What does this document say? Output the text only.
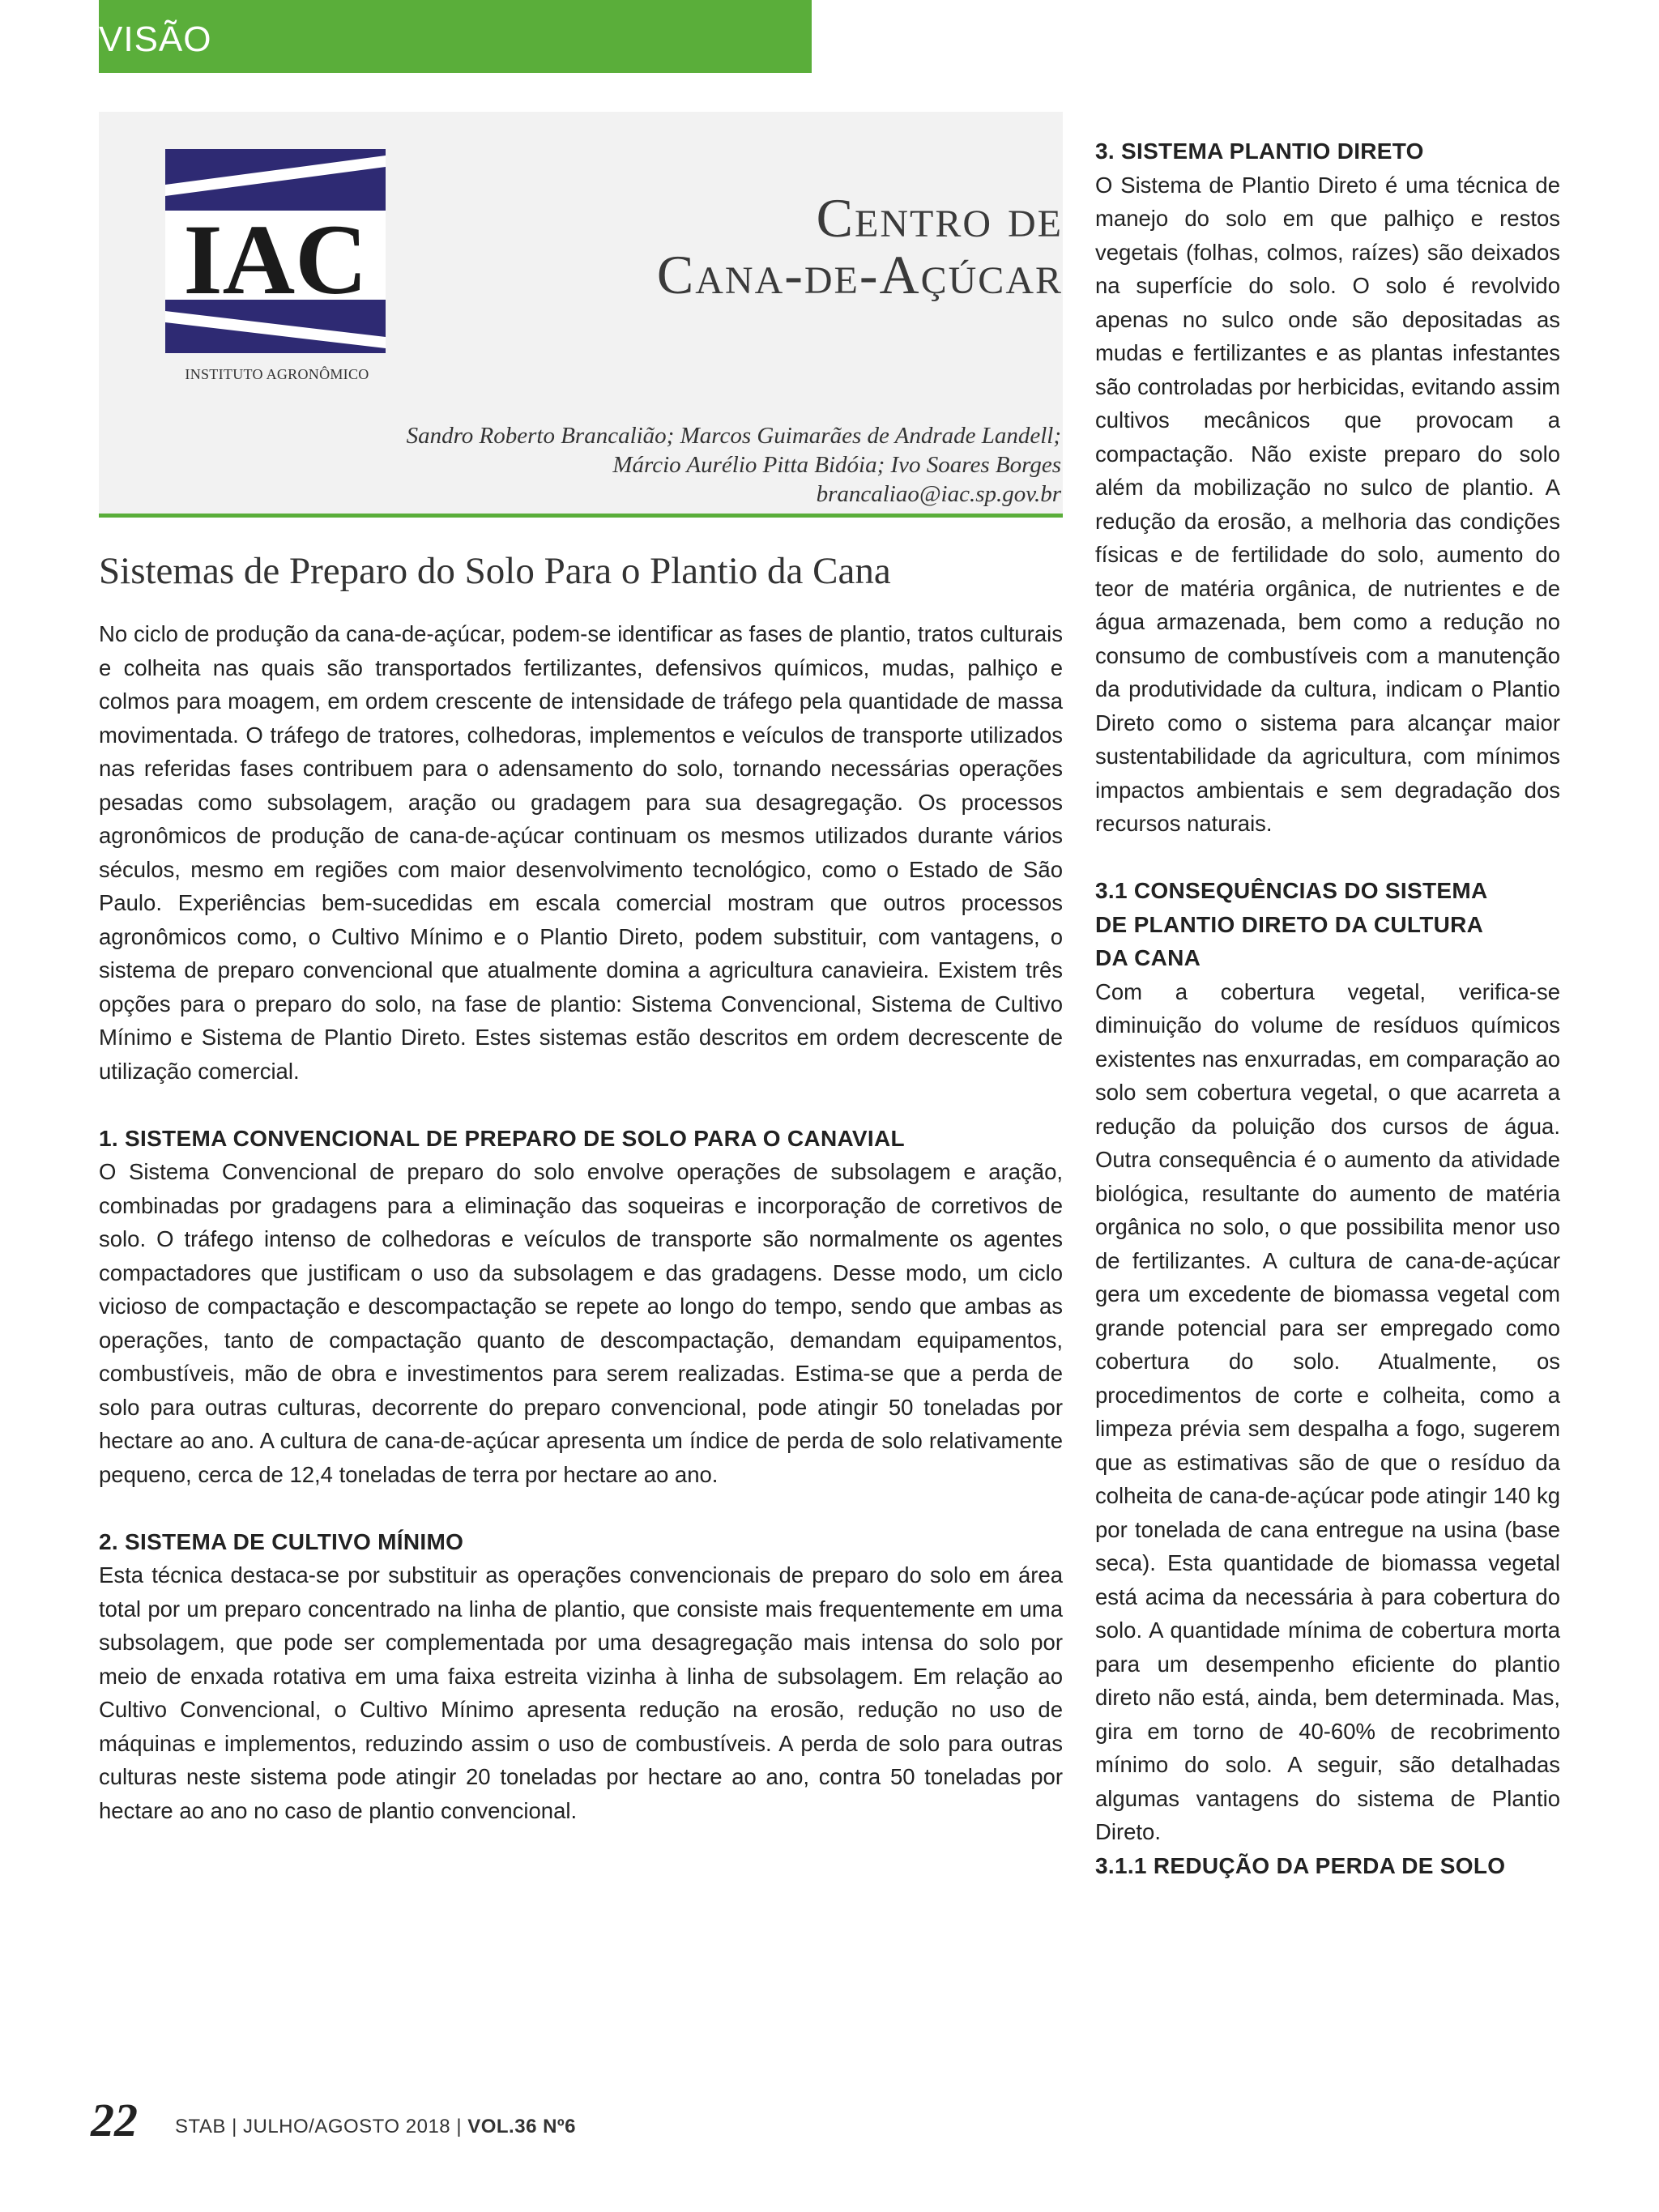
VISÃO
IAC
INSTITUTO AGRONÔMICO
Centro de
Cana-de-Açúcar
Sandro Roberto Brancalião; Marcos Guimarães de Andrade Landell;
Márcio Aurélio Pitta Bidóia; Ivo Soares Borges
brancaliao@iac.sp.gov.br
Sistemas de Preparo do Solo Para o Plantio da Cana

No ciclo de produção da cana-de-açúcar, podem-se identificar as fases de plantio, tratos culturais e colheita nas quais são transportados fertilizantes, defensivos químicos, mudas, palhiço e colmos para moagem, em ordem crescente de intensidade de tráfego pela quantidade de massa movimentada. O tráfego de tratores, colhedoras, implementos e veículos de transporte utilizados nas referidas fases contribuem para o adensamento do solo, tornando necessárias operações pesadas como subsolagem, aração ou gradagem para sua desagregação. Os processos agronômicos de produção de cana-de-açúcar continuam os mesmos utilizados durante vários séculos, mesmo em regiões com maior desenvolvimento tecnológico, como o Estado de São Paulo. Experiências bem-sucedidas em escala comercial mostram que outros processos agronômicos como, o Cultivo Mínimo e o Plantio Direto, podem substituir, com vantagens, o sistema de preparo convencional que atualmente domina a agricultura canavieira. Existem três opções para o preparo do solo, na fase de plantio: Sistema Convencional, Sistema de Cultivo Mínimo e Sistema de Plantio Direto. Estes sistemas estão descritos em ordem decrescente de utilização comercial.

1. SISTEMA CONVENCIONAL DE PREPARO DE SOLO PARA O CANAVIAL

O Sistema Convencional de preparo do solo envolve operações de subsolagem e aração, combinadas por gradagens para a eliminação das soqueiras e incorporação de corretivos de solo. O tráfego intenso de colhedoras e veículos de transporte são normalmente os agentes compactadores que justificam o uso da subsolagem e das gradagens. Desse modo, um ciclo vicioso de compactação e descompactação se repete ao longo do tempo, sendo que ambas as operações, tanto de compactação quanto de descompactação, demandam equipamentos, combustíveis, mão de obra e investimentos para serem realizadas. Estima-se que a perda de solo para outras culturas, decorrente do preparo convencional, pode atingir 50 toneladas por hectare ao ano. A cultura de cana-de-açúcar apresenta um índice de perda de solo relativamente pequeno, cerca de 12,4 toneladas de terra por hectare ao ano.

2. SISTEMA DE CULTIVO MÍNIMO

Esta técnica destaca-se por substituir as operações convencionais de preparo do solo em área total por um preparo concentrado na linha de plantio, que consiste mais frequentemente em uma subsolagem, que pode ser complementada por uma desagregação mais intensa do solo por meio de enxada rotativa em uma faixa estreita vizinha à linha de subsolagem. Em relação ao Cultivo Convencional, o Cultivo Mínimo apresenta redução na erosão, redução no uso de máquinas e implementos, reduzindo assim o uso de combustíveis. A perda de solo para outras culturas neste sistema pode atingir 20 toneladas por hectare ao ano, contra 50 toneladas por hectare ao ano no caso de plantio convencional.

3. SISTEMA PLANTIO DIRETO

O Sistema de Plantio Direto é uma técnica de manejo do solo em que palhiço e restos vegetais (folhas, colmos, raízes) são deixados na superfície do solo. O solo é revolvido apenas no sulco onde são depositadas as mudas e fertilizantes e as plantas infestantes são controladas por herbicidas, evitando assim cultivos mecânicos que provocam a compactação. Não existe preparo do solo além da mobilização no sulco de plantio. A redução da erosão, a melhoria das condições físicas e de fertilidade do solo, aumento do teor de matéria orgânica, de nutrientes e de água armazenada, bem como a redução no consumo de combustíveis com a manutenção da produtividade da cultura, indicam o Plantio Direto como o sistema para alcançar maior sustentabilidade da agricultura, com mínimos impactos ambientais e sem degradação dos recursos naturais.

3.1 CONSEQUÊNCIAS DO SISTEMA
DE PLANTIO DIRETO DA CULTURA
DA CANA

Com a cobertura vegetal, verifica-se diminuição do volume de resíduos químicos existentes nas enxurradas, em comparação ao solo sem cobertura vegetal, o que acarreta a redução da poluição dos cursos de água. Outra consequência é o aumento da atividade biológica, resultante do aumento de matéria orgânica no solo, o que possibilita menor uso de fertilizantes. A cultura de cana-de-açúcar gera um excedente de biomassa vegetal com grande potencial para ser empregado como cobertura do solo. Atualmente, os procedimentos de corte e colheita, como a limpeza prévia sem despalha a fogo, sugerem que as estimativas são de que o resíduo da colheita de cana-de-açúcar pode atingir 140 kg por tonelada de cana entregue na usina (base seca). Esta quantidade de biomassa vegetal está acima da necessária à para cobertura do solo. A quantidade mínima de cobertura morta para um desempenho eficiente do plantio direto não está, ainda, bem determinada. Mas, gira em torno de 40-60% de recobrimento mínimo do solo. A seguir, são detalhadas algumas vantagens do sistema de Plantio Direto.

3.1.1 REDUÇÃO DA PERDA DE SOLO
22 STAB | JULHO/AGOSTO 2018 | VOL.36 Nº6
